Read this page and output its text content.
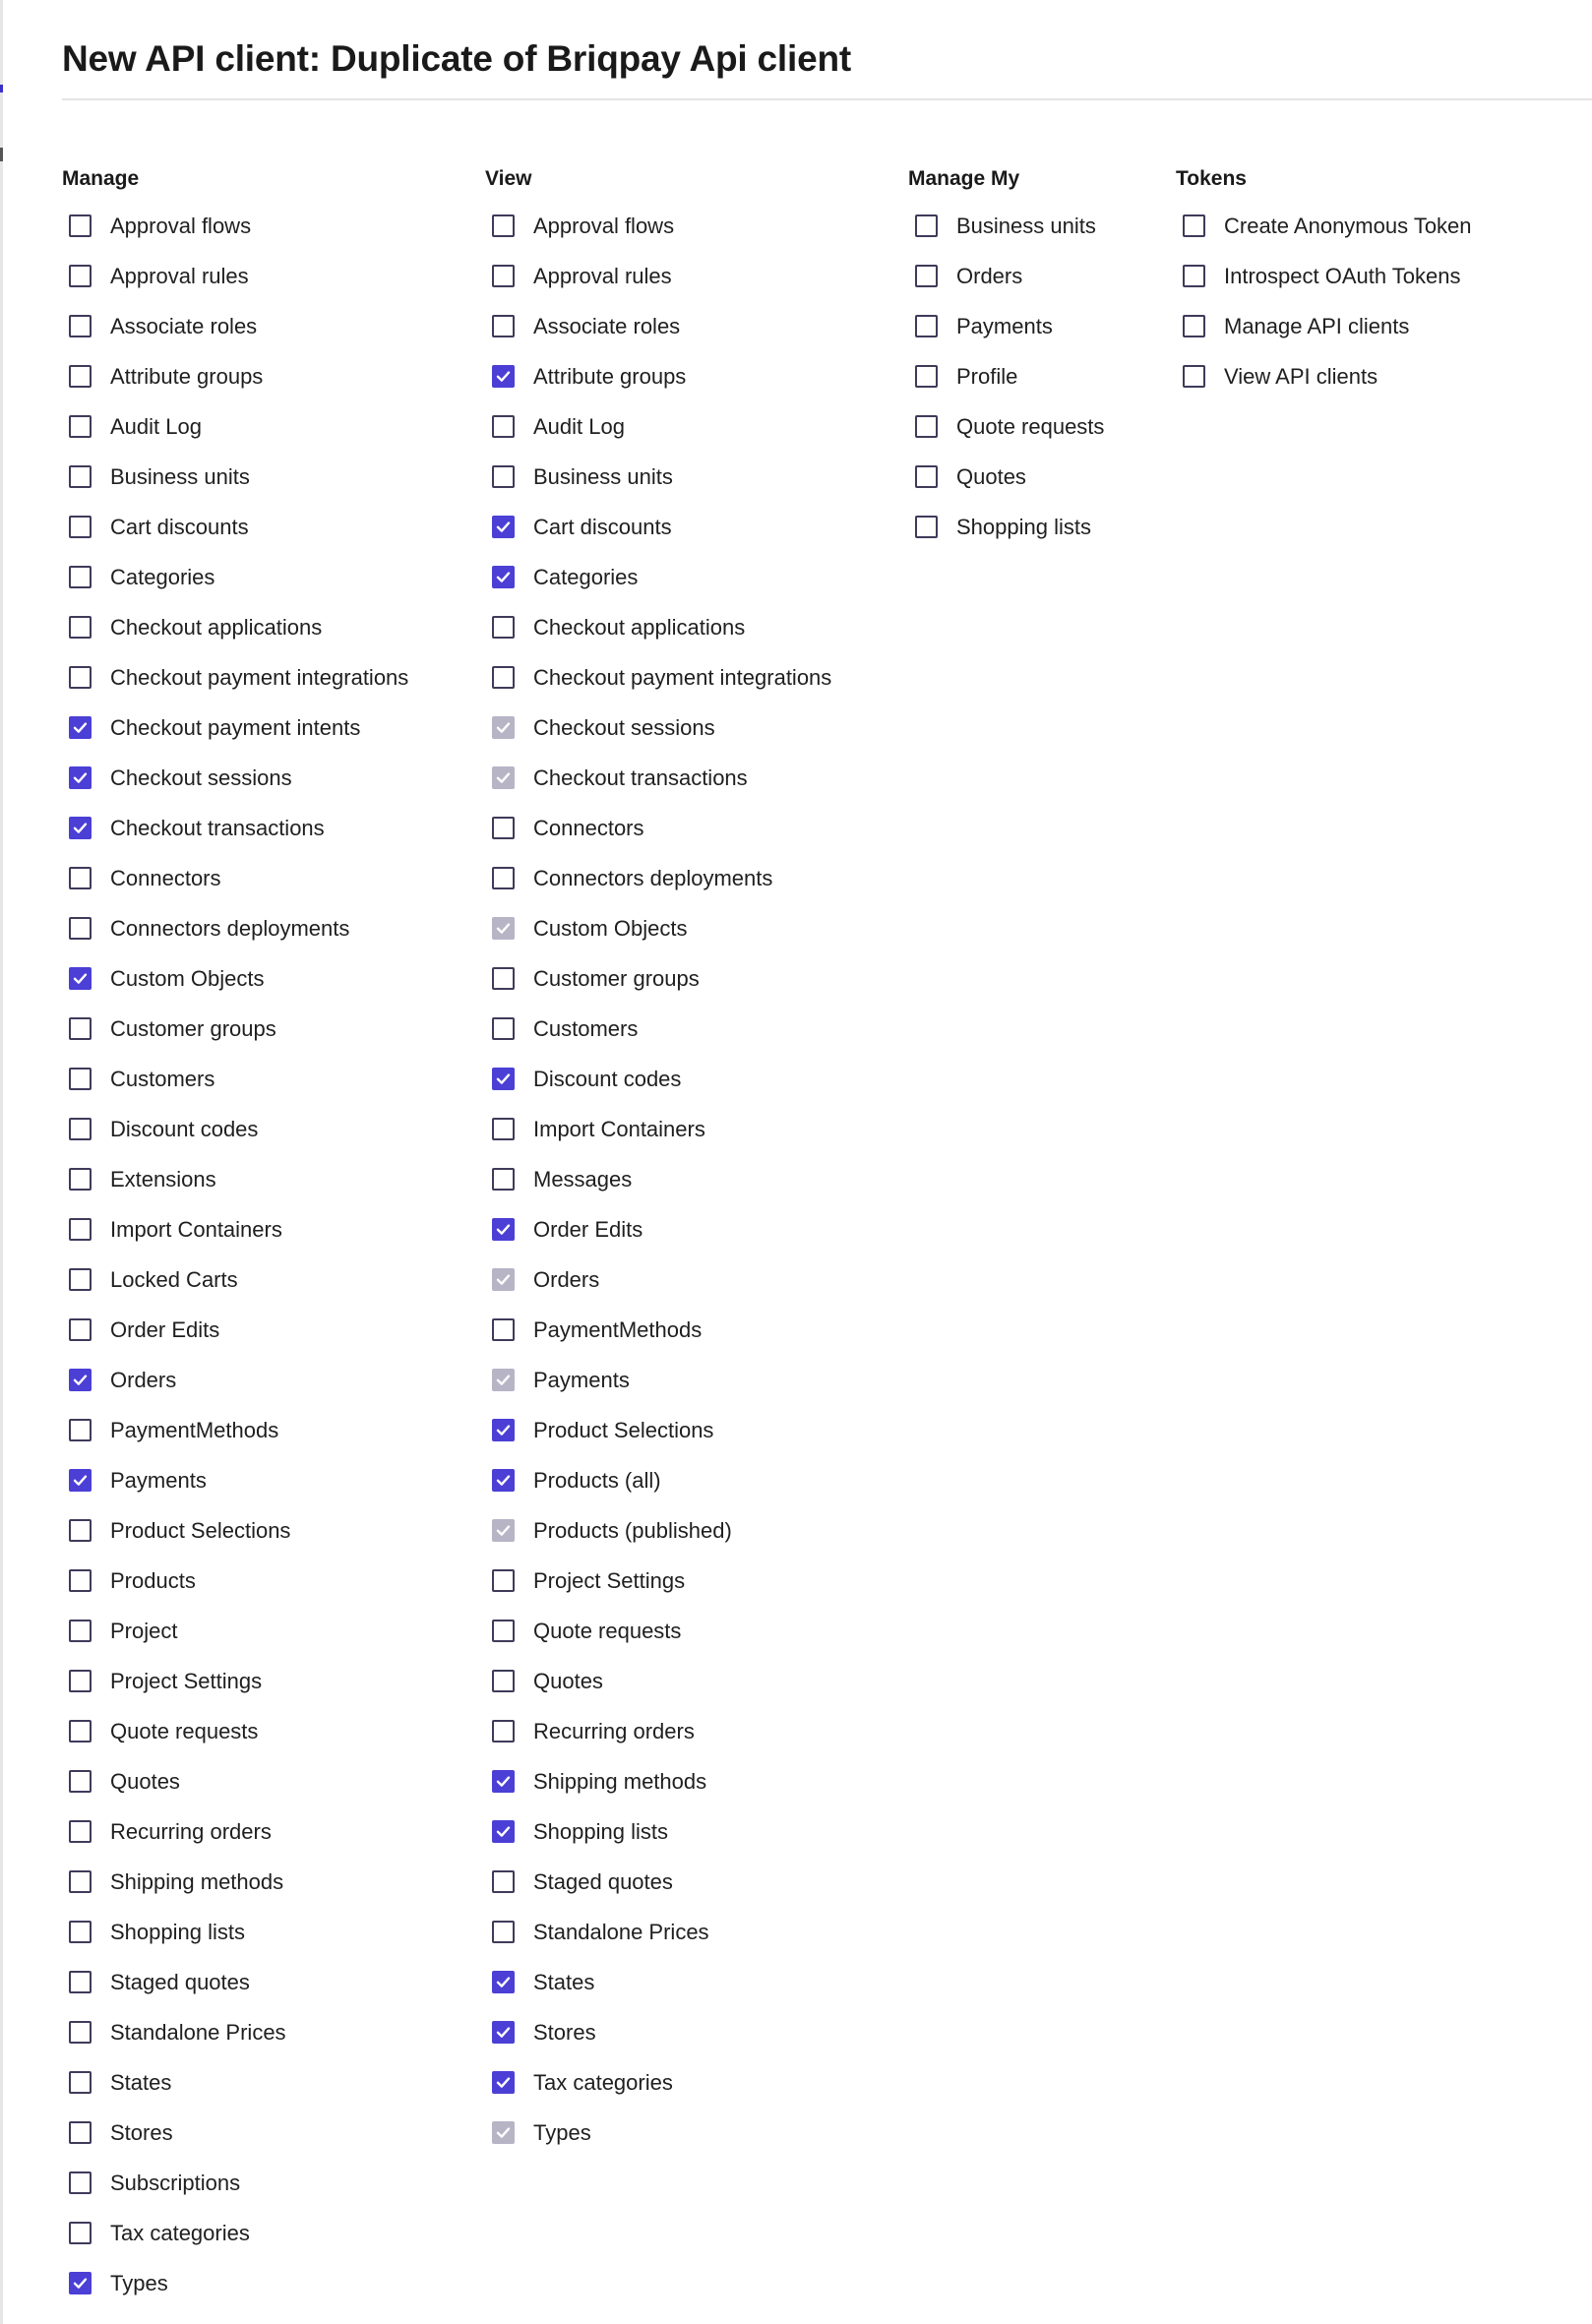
New API client: Duplicate of Briqpay Api client
Manage
Approval flows
Approval rules
Associate roles
Attribute groups
Audit Log
Business units
Cart discounts
Categories
Checkout applications
Checkout payment integrations
Checkout payment intents
Checkout sessions
Checkout transactions
Connectors
Connectors deployments
Custom Objects
Customer groups
Customers
Discount codes
Extensions
Import Containers
Locked Carts
Order Edits
Orders
PaymentMethods
Payments
Product Selections
Products
Project
Project Settings
Quote requests
Quotes
Recurring orders
Shipping methods
Shopping lists
Staged quotes
Standalone Prices
States
Stores
Subscriptions
Tax categories
Types
View
Approval flows
Approval rules
Associate roles
Attribute groups
Audit Log
Business units
Cart discounts
Categories
Checkout applications
Checkout payment integrations
Checkout sessions
Checkout transactions
Connectors
Connectors deployments
Custom Objects
Customer groups
Customers
Discount codes
Import Containers
Messages
Order Edits
Orders
PaymentMethods
Payments
Product Selections
Products (all)
Products (published)
Project Settings
Quote requests
Quotes
Recurring orders
Shipping methods
Shopping lists
Staged quotes
Standalone Prices
States
Stores
Tax categories
Types
Manage My
Business units
Orders
Payments
Profile
Quote requests
Quotes
Shopping lists
Tokens
Create Anonymous Token
Introspect OAuth Tokens
Manage API clients
View API clients
